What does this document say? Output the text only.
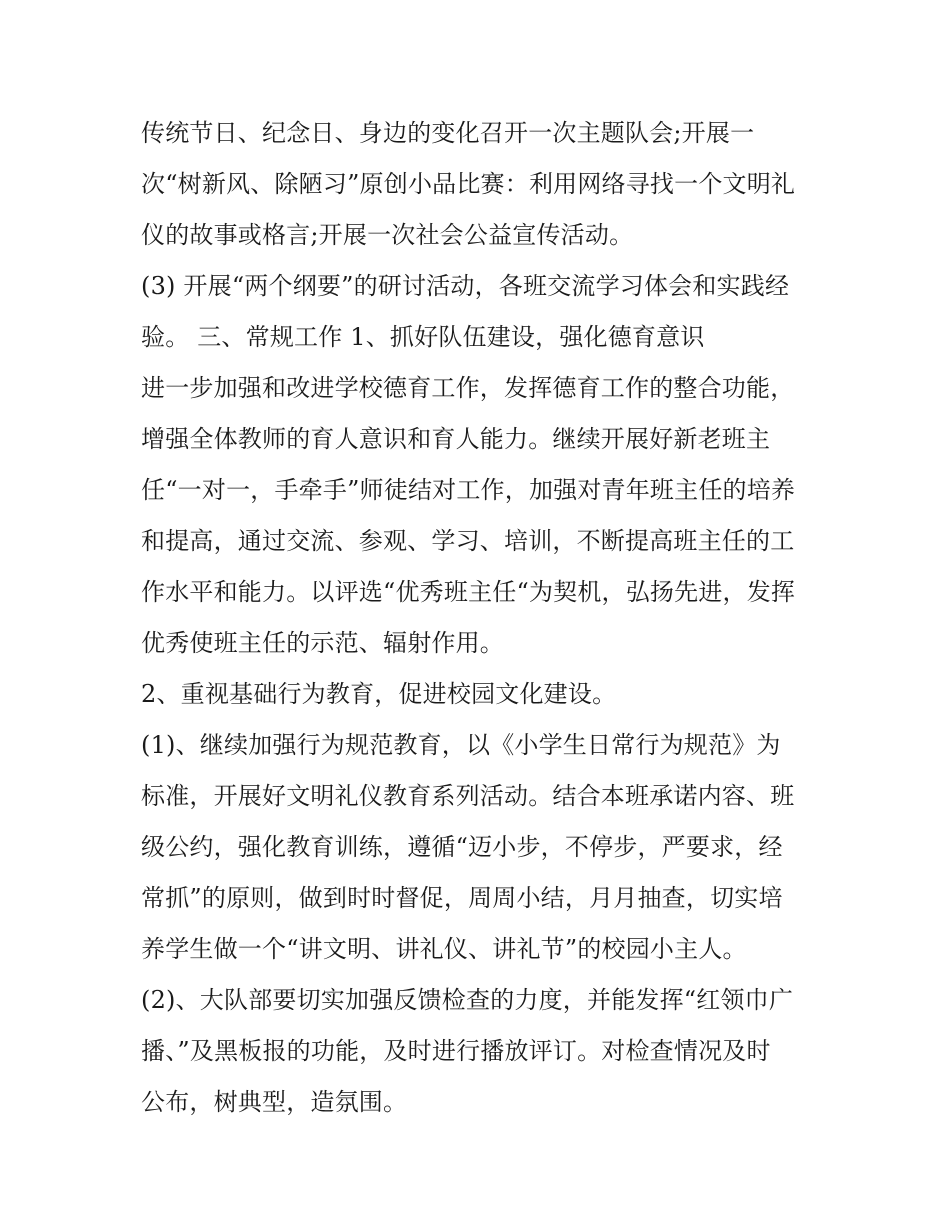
传统节日、纪念日、身边的变化召开一次主题队会;开展一
次“树新风、除陋习”原创小品比赛：利用网络寻找一个文明礼
仪的故事或格言;开展一次社会公益宣传活动。
(3) 开展“两个纲要”的研讨活动，各班交流学习体会和实践经
验。 三、常规工作 1、抓好队伍建设，强化德育意识
进一步加强和改进学校德育工作，发挥德育工作的整合功能，
增强全体教师的育人意识和育人能力。继续开展好新老班主
任“一对一，手牵手”师徒结对工作，加强对青年班主任的培养
和提高，通过交流、参观、学习、培训，不断提高班主任的工
作水平和能力。以评选“优秀班主任“为契机，弘扬先进，发挥
优秀使班主任的示范、辐射作用。
2、重视基础行为教育，促进校园文化建设。
(1)、继续加强行为规范教育，以《小学生日常行为规范》为
标准，开展好文明礼仪教育系列活动。结合本班承诺内容、班
级公约，强化教育训练，遵循“迈小步，不停步，严要求，经
常抓”的原则，做到时时督促，周周小结，月月抽查，切实培
养学生做一个“讲文明、讲礼仪、讲礼节”的校园小主人。
(2)、大队部要切实加强反馈检查的力度，并能发挥“红领巾广
播、”及黑板报的功能，及时进行播放评订。对检查情况及时
公布，树典型，造氛围。
